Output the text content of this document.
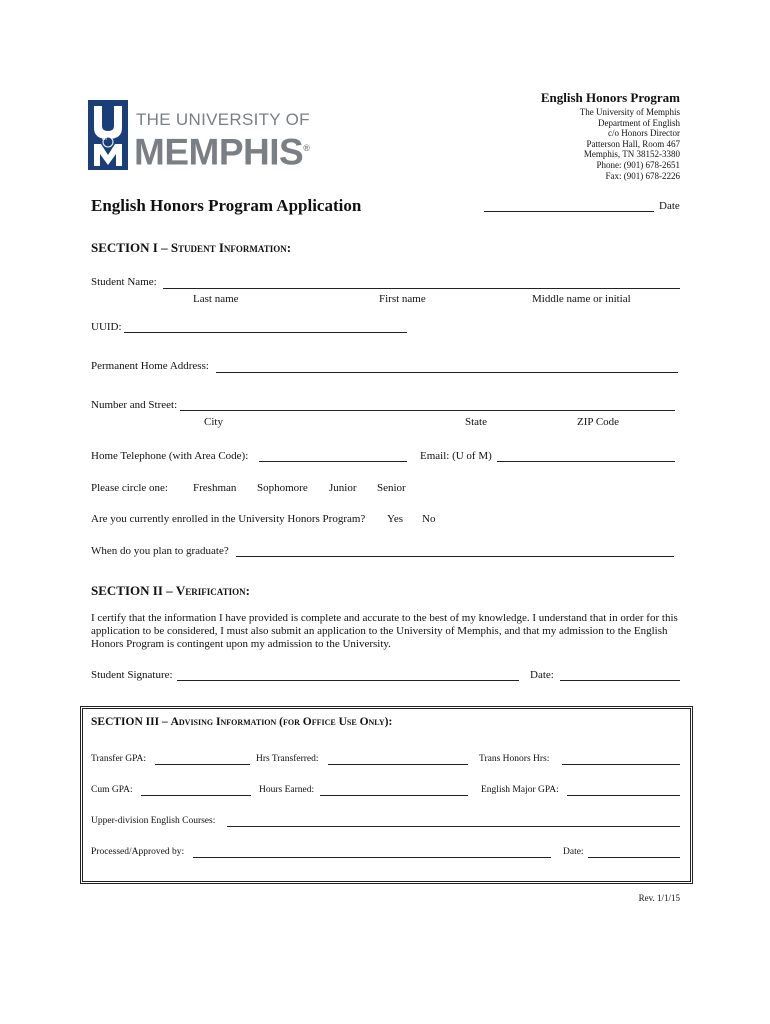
of
THE UNIVERSITY OF
MEMPHIS®
English Honors Program
The University of Memphis
Department of English
c/o Honors Director
Patterson Hall, Room 467
Memphis, TN 38152-3380
Phone: (901) 678-2651
Fax: (901) 678-2226
English Honors Program Application	Date
SECTION I – Student Information:
Student Name:
Last name	First name	Middle name or initial
UUID:
Permanent Home Address:
Number and Street:
City	State	ZIP Code
Home Telephone (with Area Code):	Email: (U of M)
Please circle one: Freshman Sophomore Junior Senior
Are you currently enrolled in the University Honors Program? Yes No
When do you plan to graduate?
SECTION II – Verification:
I certify that the information I have provided is complete and accurate to the best of my knowledge. I understand that in order for this application to be considered, I must also submit an application to the University of Memphis, and that my admission to the English Honors Program is contingent upon my admission to the University.
Student Signature:	Date:
SECTION III – Advising Information (for Office Use Only):
Transfer GPA:	Hrs Transferred:	Trans Honors Hrs:
Cum GPA:	Hours Earned:	English Major GPA:
Upper-division English Courses:
Processed/Approved by:	Date:
Rev. 1/1/15
